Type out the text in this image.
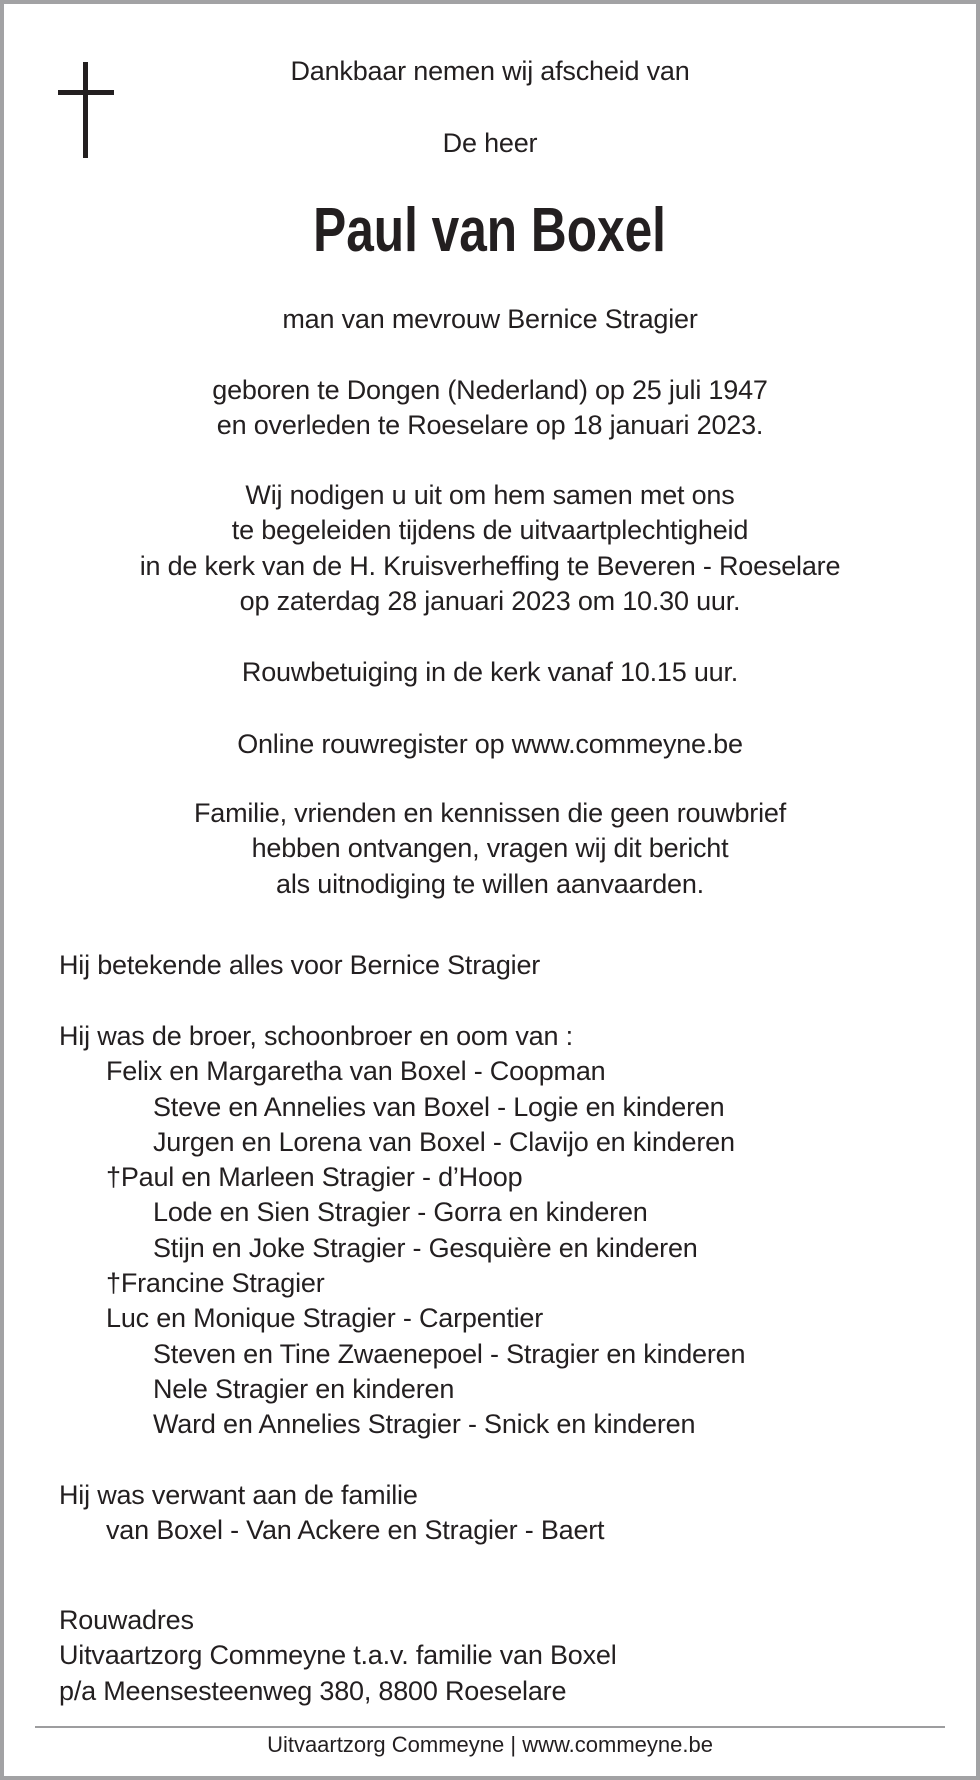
Dankbaar nemen wij afscheid van
De heer
Paul van Boxel
man van mevrouw Bernice Stragier
geboren te Dongen (Nederland) op 25 juli 1947
en overleden te Roeselare op 18 januari 2023.
Wij nodigen u uit om hem samen met ons
te begeleiden tijdens de uitvaartplechtigheid
in de kerk van de H. Kruisverheffing te Beveren - Roeselare
op zaterdag 28 januari 2023 om 10.30 uur.
Rouwbetuiging in de kerk vanaf 10.15 uur.
Online rouwregister op www.commeyne.be
Familie, vrienden en kennissen die geen rouwbrief
hebben ontvangen, vragen wij dit bericht
als uitnodiging te willen aanvaarden.
Hij betekende alles voor Bernice Stragier
Hij was de broer, schoonbroer en oom van :
Felix en Margaretha van Boxel - Coopman
Steve en Annelies van Boxel - Logie en kinderen
Jurgen en Lorena van Boxel - Clavijo en kinderen
†Paul en Marleen Stragier - d’Hoop
Lode en Sien Stragier - Gorra en kinderen
Stijn en Joke Stragier - Gesquière en kinderen
†Francine Stragier
Luc en Monique Stragier - Carpentier
Steven en Tine Zwaenepoel - Stragier en kinderen
Nele Stragier en kinderen
Ward en Annelies Stragier - Snick en kinderen
Hij was verwant aan de familie
van Boxel - Van Ackere en Stragier - Baert
Rouwadres
Uitvaartzorg Commeyne t.a.v. familie van Boxel
p/a Meensesteenweg 380, 8800 Roeselare
Uitvaartzorg Commeyne | www.commeyne.be
